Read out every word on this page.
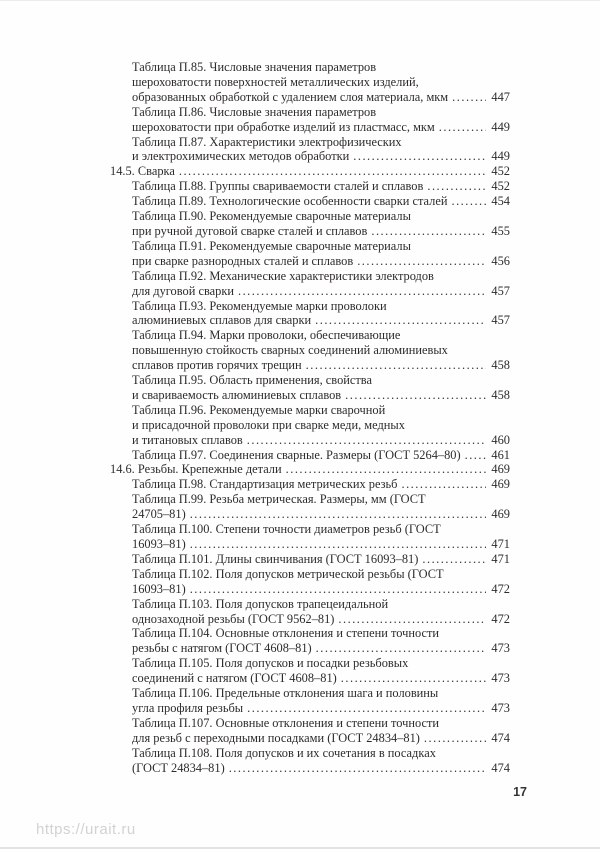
Таблица П.85. Числовые значения параметров
шероховатости поверхностей металлических изделий,
образованных обработкой с удалением слоя материала, мкм .....	447
Таблица П.86. Числовые значения параметров
шероховатости при обработке изделий из пластмасс, мкм .....	449
Таблица П.87. Характеристики электрофизических
и электрохимических методов обработки .....	449
14.5. Сварка .....	452
Таблица П.88. Группы свариваемости сталей и сплавов .....	452
Таблица П.89. Технологические особенности сварки сталей .....	454
Таблица П.90. Рекомендуемые сварочные материалы
при ручной дуговой сварке сталей и сплавов .....	455
Таблица П.91. Рекомендуемые сварочные материалы
при сварке разнородных сталей и сплавов .....	456
Таблица П.92. Механические характеристики электродов
для дуговой сварки .....	457
Таблица П.93. Рекомендуемые марки проволоки
алюминиевых сплавов для сварки .....	457
Таблица П.94. Марки проволоки, обеспечивающие
повышенную стойкость сварных соединений алюминиевых
сплавов против горячих трещин .....	458
Таблица П.95. Область применения, свойства
и свариваемость алюминиевых сплавов .....	458
Таблица П.96. Рекомендуемые марки сварочной
и присадочной проволоки при сварке меди, медных
и титановых сплавов .....	460
Таблица П.97. Соединения сварные. Размеры (ГОСТ 5264–80) ..... 461
14.6. Резьбы. Крепежные детали .....	469
Таблица П.98. Стандартизация метрических резьб .....	469
Таблица П.99. Резьба метрическая. Размеры, мм (ГОСТ
24705–81) .....	469
Таблица П.100. Степени точности диаметров резьб (ГОСТ
16093–81) .....	471
Таблица П.101. Длины свинчивания (ГОСТ 16093–81) .....	471
Таблица П.102. Поля допусков метрической резьбы (ГОСТ
16093–81) .....	472
Таблица П.103. Поля допусков трапецеидальной
однозаходной резьбы (ГОСТ 9562–81) .....	472
Таблица П.104. Основные отклонения и степени точности
резьбы с натягом (ГОСТ 4608–81) .....	473
Таблица П.105. Поля допусков и посадки резьбовых
соединений с натягом (ГОСТ 4608–81) .....	473
Таблица П.106. Предельные отклонения шага и половины
угла профиля резьбы .....	473
Таблица П.107. Основные отклонения и степени точности
для резьб с переходными посадками (ГОСТ 24834–81) .....	474
Таблица П.108. Поля допусков и их сочетания в посадках
(ГОСТ 24834–81) .....	474
17
https://urait.ru
